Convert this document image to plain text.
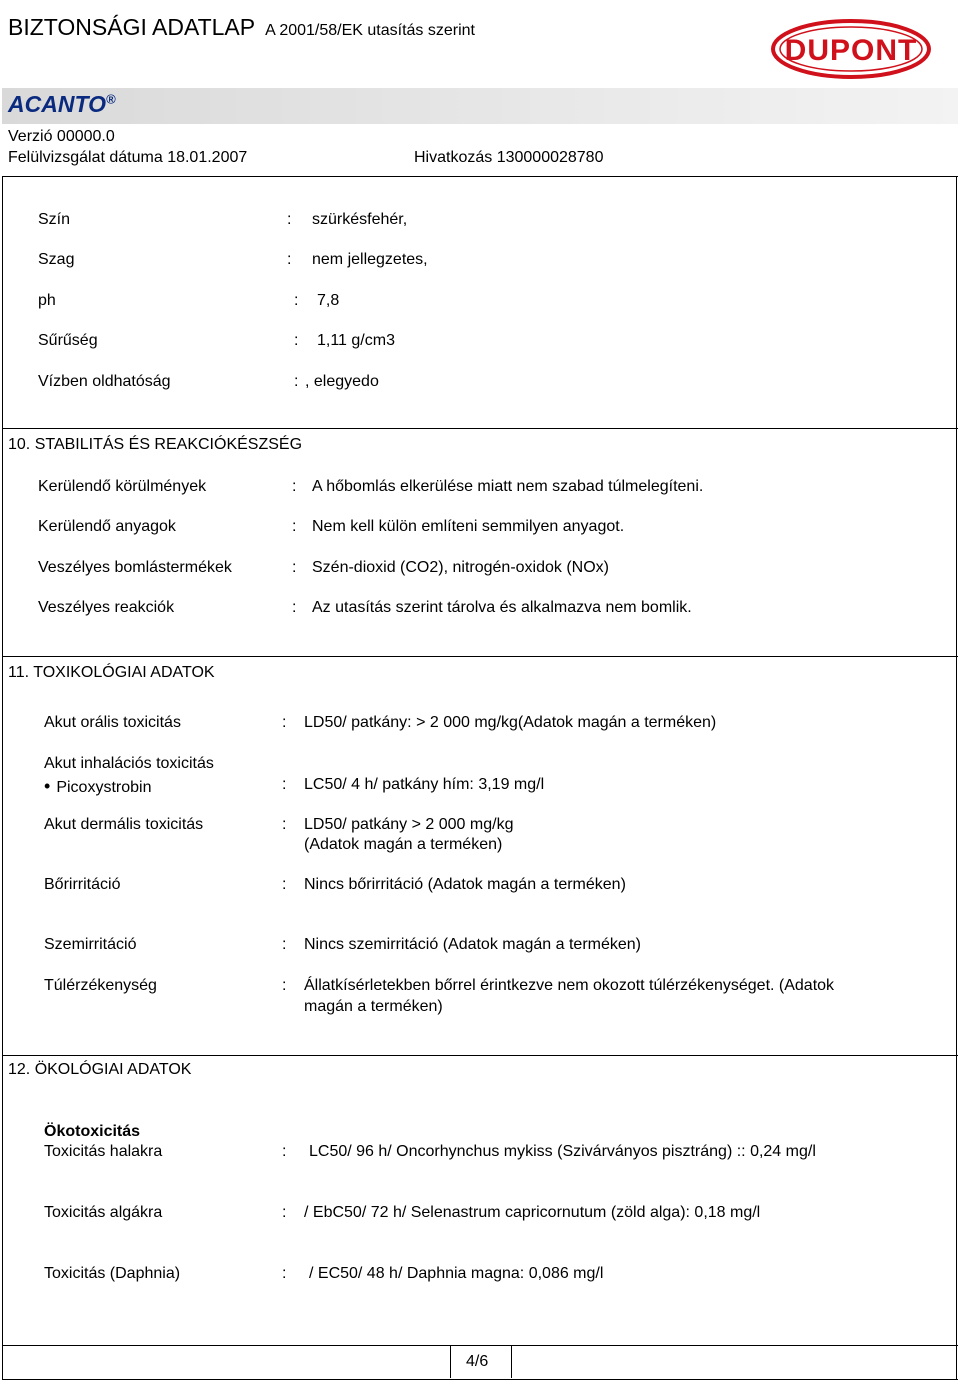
BIZTONSÁGI ADATLAP A 2001/58/EK utasítás szerint
DUPONT
ACANTO®
Verzió 00000.0
Felülvizsgálat dátuma 18.01.2007	Hivatkozás 130000028780
Szín	: szürkésfehér,
Szag	: nem jellegzetes,
ph	: 7,8
Sűrűség	: 1,11 g/cm3
Vízben oldhatóság	: , elegyedo
10. STABILITÁS ÉS REAKCIÓKÉSZSÉG
Kerülendő körülmények	: A hőbomlás elkerülése miatt nem szabad túlmelegíteni.
Kerülendő anyagok	: Nem kell külön említeni semmilyen anyagot.
Veszélyes bomlástermékek	: Szén-dioxid (CO2), nitrogén-oxidok (NOx)
Veszélyes reakciók	: Az utasítás szerint tárolva és alkalmazva nem bomlik.
11. TOXIKOLÓGIAI ADATOK
Akut orális toxicitás	: LD50/ patkány: > 2 000 mg/kg(Adatok magán a terméken)
Akut inhalációs toxicitás
• Picoxystrobin	: LC50/ 4 h/ patkány hím: 3,19 mg/l
Akut dermális toxicitás	: LD50/ patkány > 2 000 mg/kg
(Adatok magán a terméken)
Bőrirritáció	: Nincs bőrirritáció (Adatok magán a terméken)
Szemirritáció	: Nincs szemirritáció (Adatok magán a terméken)
Túlérzékenység	: Állatkísérletekben bőrrel érintkezve nem okozott túlérzékenységet. (Adatok
magán a terméken)
12. ÖKOLÓGIAI ADATOK
Ökotoxicitás
Toxicitás halakra	: LC50/ 96 h/ Oncorhynchus mykiss (Szivárványos pisztráng) :: 0,24 mg/l
Toxicitás algákra	: / EbC50/ 72 h/ Selenastrum capricornutum (zöld alga): 0,18 mg/l
Toxicitás (Daphnia)	: / EC50/ 48 h/ Daphnia magna: 0,086 mg/l
4/6
